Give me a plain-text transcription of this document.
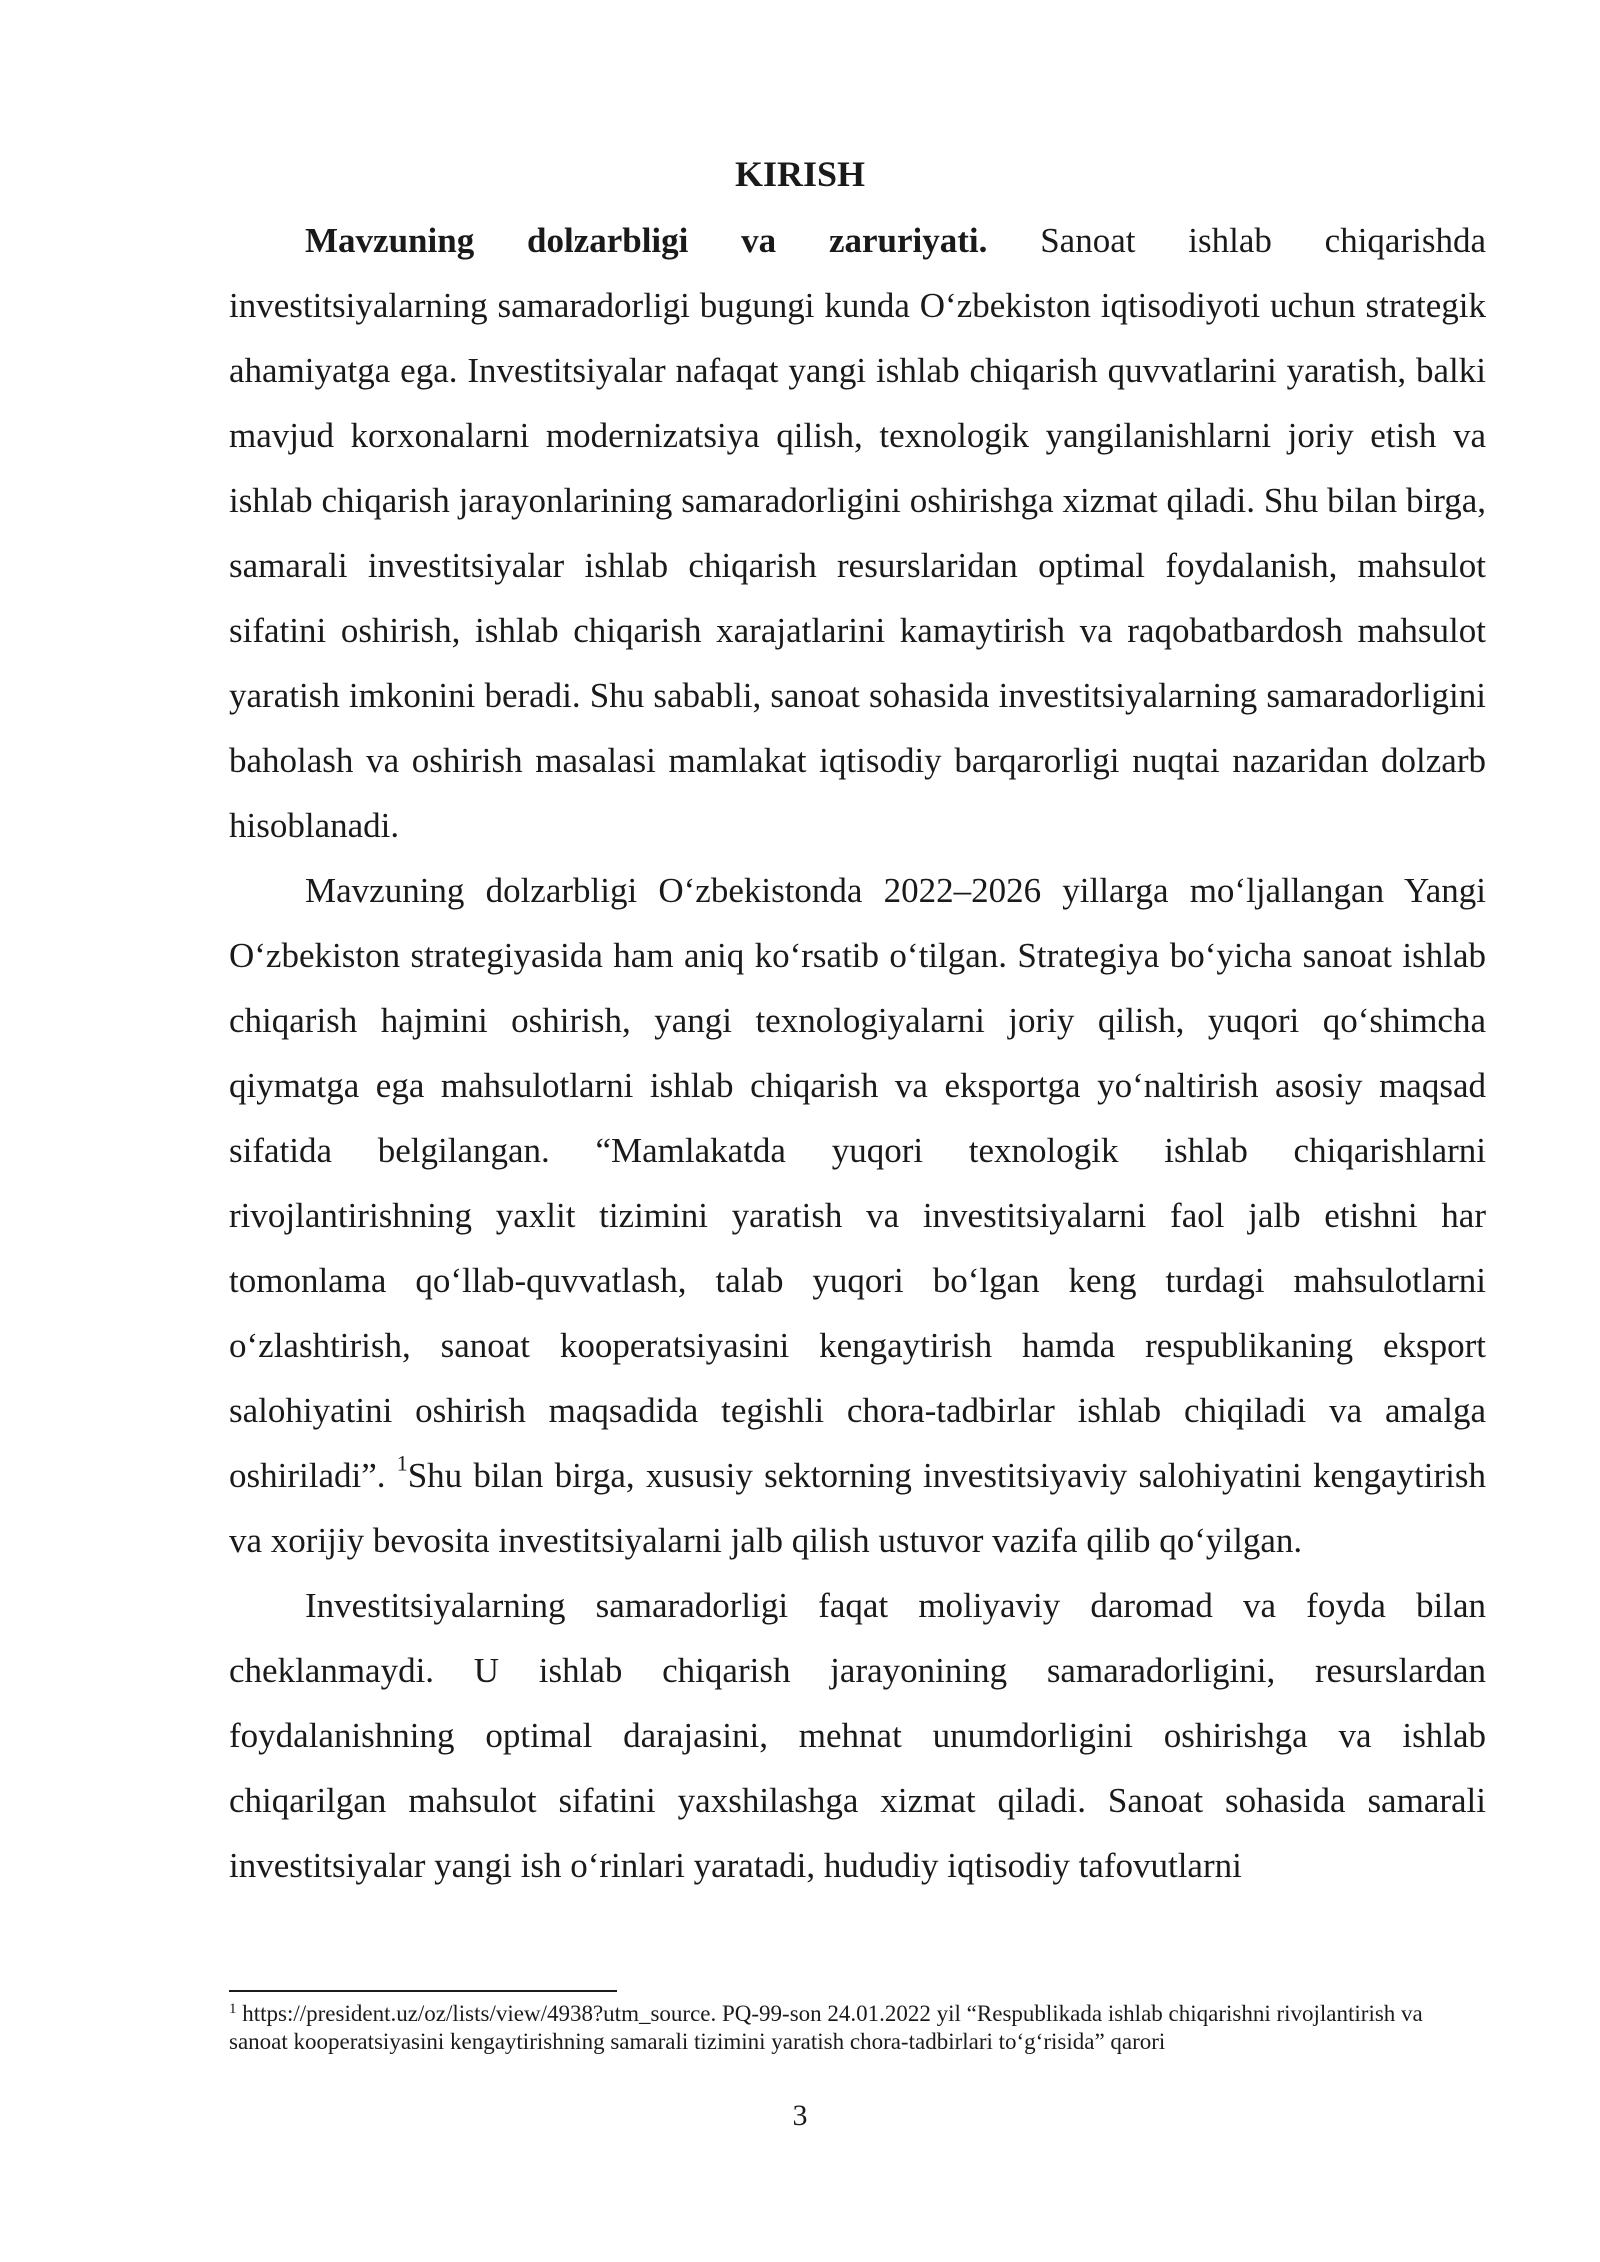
KIRISH

Mavzuning dolzarbligi va zaruriyati. Sanoat ishlab chiqarishda investitsiyalarning samaradorligi bugungi kunda O‘zbekiston iqtisodiyoti uchun strategik ahamiyatga ega. Investitsiyalar nafaqat yangi ishlab chiqarish quvvatlarini yaratish, balki mavjud korxonalarni modernizatsiya qilish, texnologik yangilanishlarni joriy etish va ishlab chiqarish jarayonlarining samaradorligini oshirishga xizmat qiladi. Shu bilan birga, samarali investitsiyalar ishlab chiqarish resurslaridan optimal foydalanish, mahsulot sifatini oshirish, ishlab chiqarish xarajatlarini kamaytirish va raqobatbardosh mahsulot yaratish imkonini beradi. Shu sababli, sanoat sohasida investitsiyalarning samaradorligini baholash va oshirish masalasi mamlakat iqtisodiy barqarorligi nuqtai nazaridan dolzarb hisoblanadi.

Mavzuning dolzarbligi O‘zbekistonda 2022–2026 yillarga mo‘ljallangan Yangi O‘zbekiston strategiyasida ham aniq ko‘rsatib o‘tilgan. Strategiya bo‘yicha sanoat ishlab chiqarish hajmini oshirish, yangi texnologiyalarni joriy qilish, yuqori qo‘shimcha qiymatga ega mahsulotlarni ishlab chiqarish va eksportga yo‘naltirish asosiy maqsad sifatida belgilangan. “Mamlakatda yuqori texnologik ishlab chiqarishlarni rivojlantirishning yaxlit tizimini yaratish va investitsiyalarni faol jalb etishni har tomonlama qo‘llab-quvvatlash, talab yuqori bo‘lgan keng turdagi mahsulotlarni o‘zlashtirish, sanoat kooperatsiyasini kengaytirish hamda respublikaning eksport salohiyatini oshirish maqsadida tegishli chora-tadbirlar ishlab chiqiladi va amalga oshiriladi”. $^1$Shu bilan birga, xususiy sektorning investitsiyaviy salohiyatini kengaytirish va xorijiy bevosita investitsiyalarni jalb qilish ustuvor vazifa qilib qo‘yilgan.

Investitsiyalarning samaradorligi faqat moliyaviy daromad va foyda bilan cheklanmaydi. U ishlab chiqarish jarayonining samaradorligini, resurslardan foydalanishning optimal darajasini, mehnat unumdorligini oshirishga va ishlab chiqarilgan mahsulot sifatini yaxshilashga xizmat qiladi. Sanoat sohasida samarali investitsiyalar yangi ish o‘rinlari yaratadi, hududiy iqtisodiy tafovutlarni

$^1$ https://president.uz/oz/lists/view/4938?utm_source. PQ-99-son 24.01.2022 yil “Respublikada ishlab chiqarishni rivojlantirish va sanoat kooperatsiyasini kengaytirishning samarali tizimini yaratish chora-tadbirlari to‘g‘risida” qarori

3
